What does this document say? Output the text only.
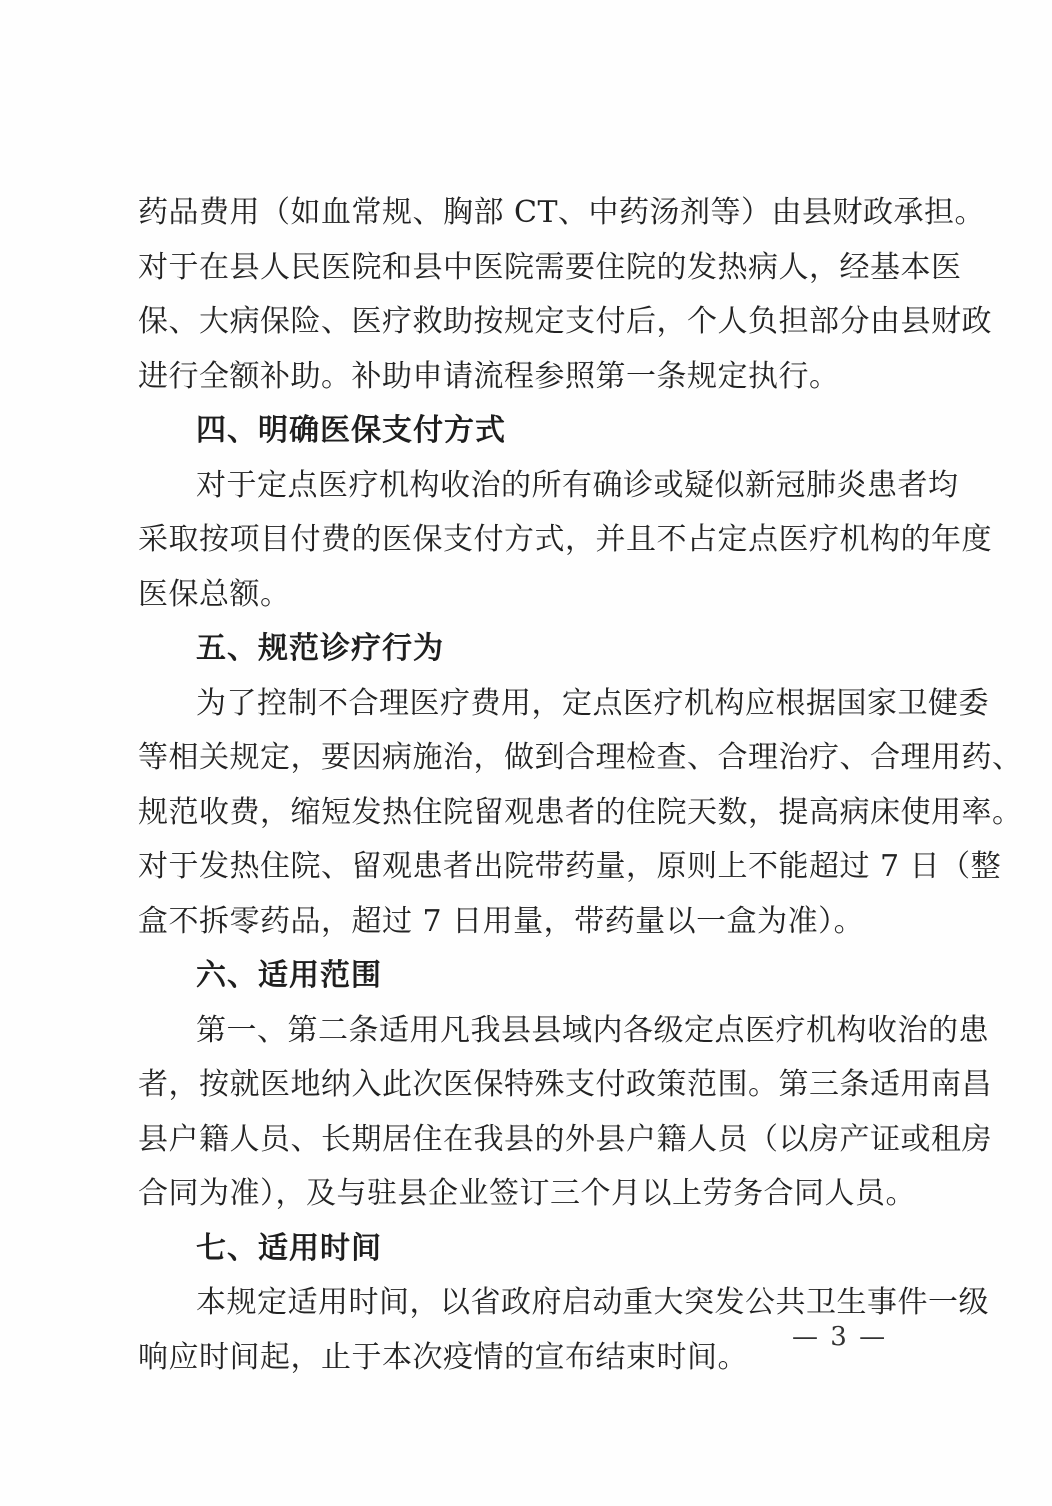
药品费用（如血常规、胸部 CT、中药汤剂等）由县财政承担。
对于在县人民医院和县中医院需要住院的发热病人，经基本医
保、大病保险、医疗救助按规定支付后，个人负担部分由县财政
进行全额补助。补助申请流程参照第一条规定执行。
四、明确医保支付方式
对于定点医疗机构收治的所有确诊或疑似新冠肺炎患者均
采取按项目付费的医保支付方式，并且不占定点医疗机构的年度
医保总额。
五、规范诊疗行为
为了控制不合理医疗费用，定点医疗机构应根据国家卫健委
等相关规定，要因病施治，做到合理检查、合理治疗、合理用药、
规范收费，缩短发热住院留观患者的住院天数，提高病床使用率。
对于发热住院、留观患者出院带药量，原则上不能超过 7 日（整
盒不拆零药品，超过 7 日用量，带药量以一盒为准）。
六、适用范围
第一、第二条适用凡我县县域内各级定点医疗机构收治的患
者，按就医地纳入此次医保特殊支付政策范围。第三条适用南昌
县户籍人员、长期居住在我县的外县户籍人员（以房产证或租房
合同为准），及与驻县企业签订三个月以上劳务合同人员。
七、适用时间
本规定适用时间，以省政府启动重大突发公共卫生事件一级
响应时间起，止于本次疫情的宣布结束时间。
— 3 —
